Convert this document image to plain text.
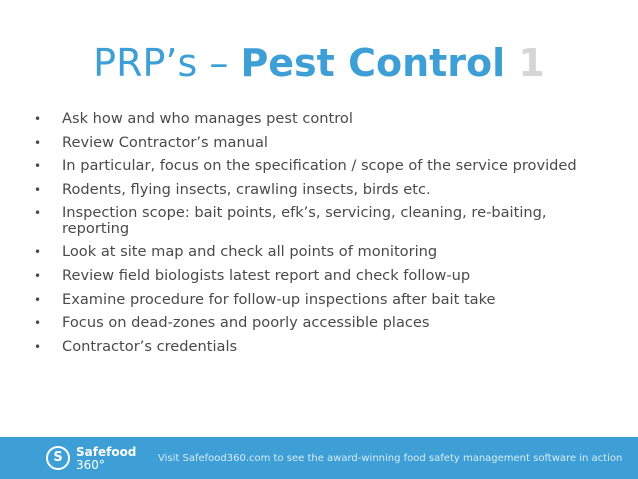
PRP’s – Pest Control 1
• Ask how and who manages pest control
• Review Contractor’s manual
• In particular, focus on the specification / scope of the service provided
• Rodents, flying insects, crawling insects, birds etc.
• Inspection scope: bait points, efk’s, servicing, cleaning, re-baiting,
reporting
• Look at site map and check all points of monitoring
• Review field biologists latest report and check follow-up
• Examine procedure for follow-up inspections after bait take
• Focus on dead-zones and poorly accessible places
• Contractor’s credentials
S	Safefood
360°	Visit Safefood360.com to see the award-winning food safety management software in action
